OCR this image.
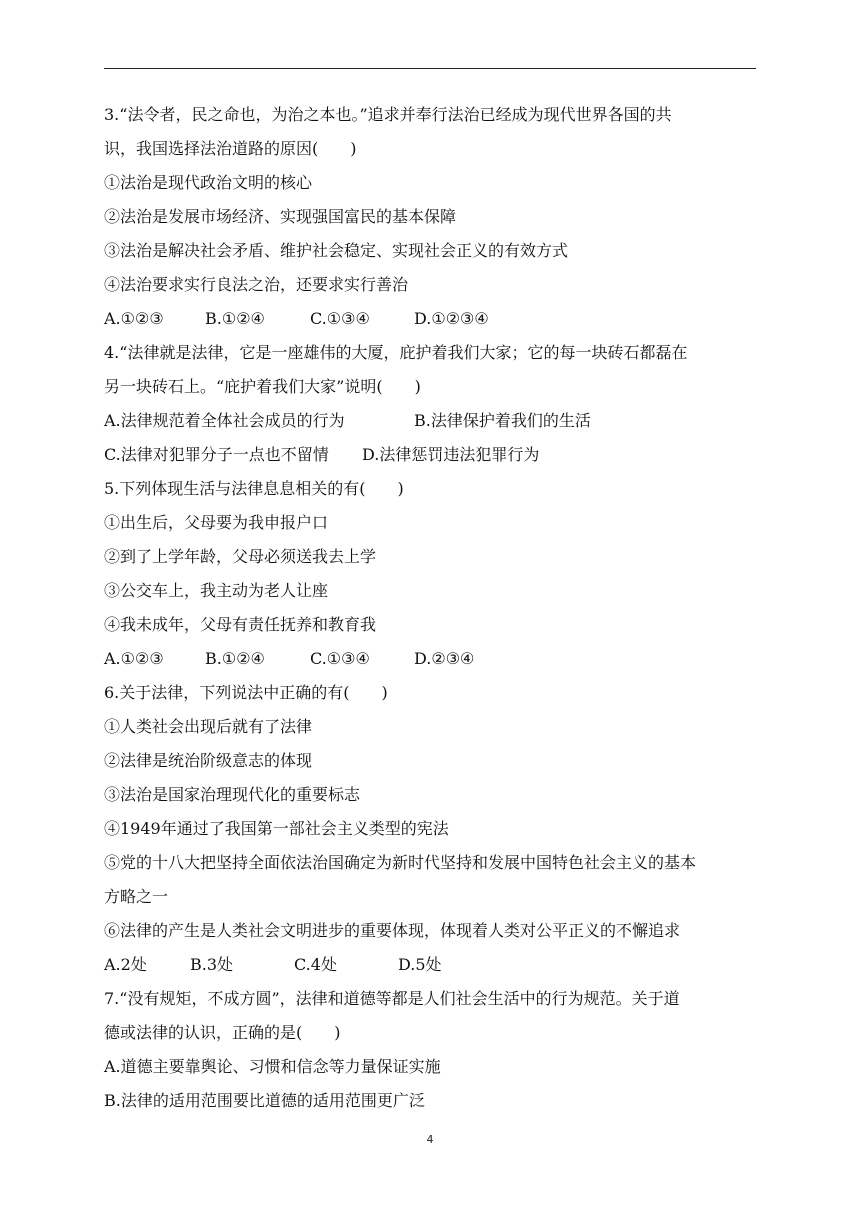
3.“法令者，民之命也，为治之本也。”追求并奉行法治已经成为现代世界各国的共
识，我国选择法治道路的原因(　　)
①法治是现代政治文明的核心
②法治是发展市场经济、实现强国富民的基本保障
③法治是解决社会矛盾、维护社会稳定、实现社会正义的有效方式
④法治要求实行良法之治，还要求实行善治
A.①②③	B.①②④	C.①③④	D.①②③④
4.“法律就是法律，它是一座雄伟的大厦，庇护着我们大家；它的每一块砖石都磊在
另一块砖石上。“庇护着我们大家”说明(　　)
A.法律规范着全体社会成员的行为	B.法律保护着我们的生活
C.法律对犯罪分子一点也不留情 D.法律惩罚违法犯罪行为
5.下列体现生活与法律息息相关的有(　　)
①出生后，父母要为我申报户口
②到了上学年龄，父母必须送我去上学
③公交车上，我主动为老人让座
④我未成年，父母有责任抚养和教育我
A.①②③	B.①②④	C.①③④	D.②③④
6.关于法律，下列说法中正确的有(　　)
①人类社会出现后就有了法律
②法律是统治阶级意志的体现
③法治是国家治理现代化的重要标志
④1949年通过了我国第一部社会主义类型的宪法
⑤党的十八大把坚持全面依法治国确定为新时代坚持和发展中国特色社会主义的基本
方略之一
⑥法律的产生是人类社会文明进步的重要体现，体现着人类对公平正义的不懈追求
A.2处	B.3处	C.4处	D.5处
7.“没有规矩，不成方圆”，法律和道德等都是人们社会生活中的行为规范。关于道
德或法律的认识，正确的是(　　)
A.道德主要靠舆论、习惯和信念等力量保证实施
B.法律的适用范围要比道德的适用范围更广泛
4
